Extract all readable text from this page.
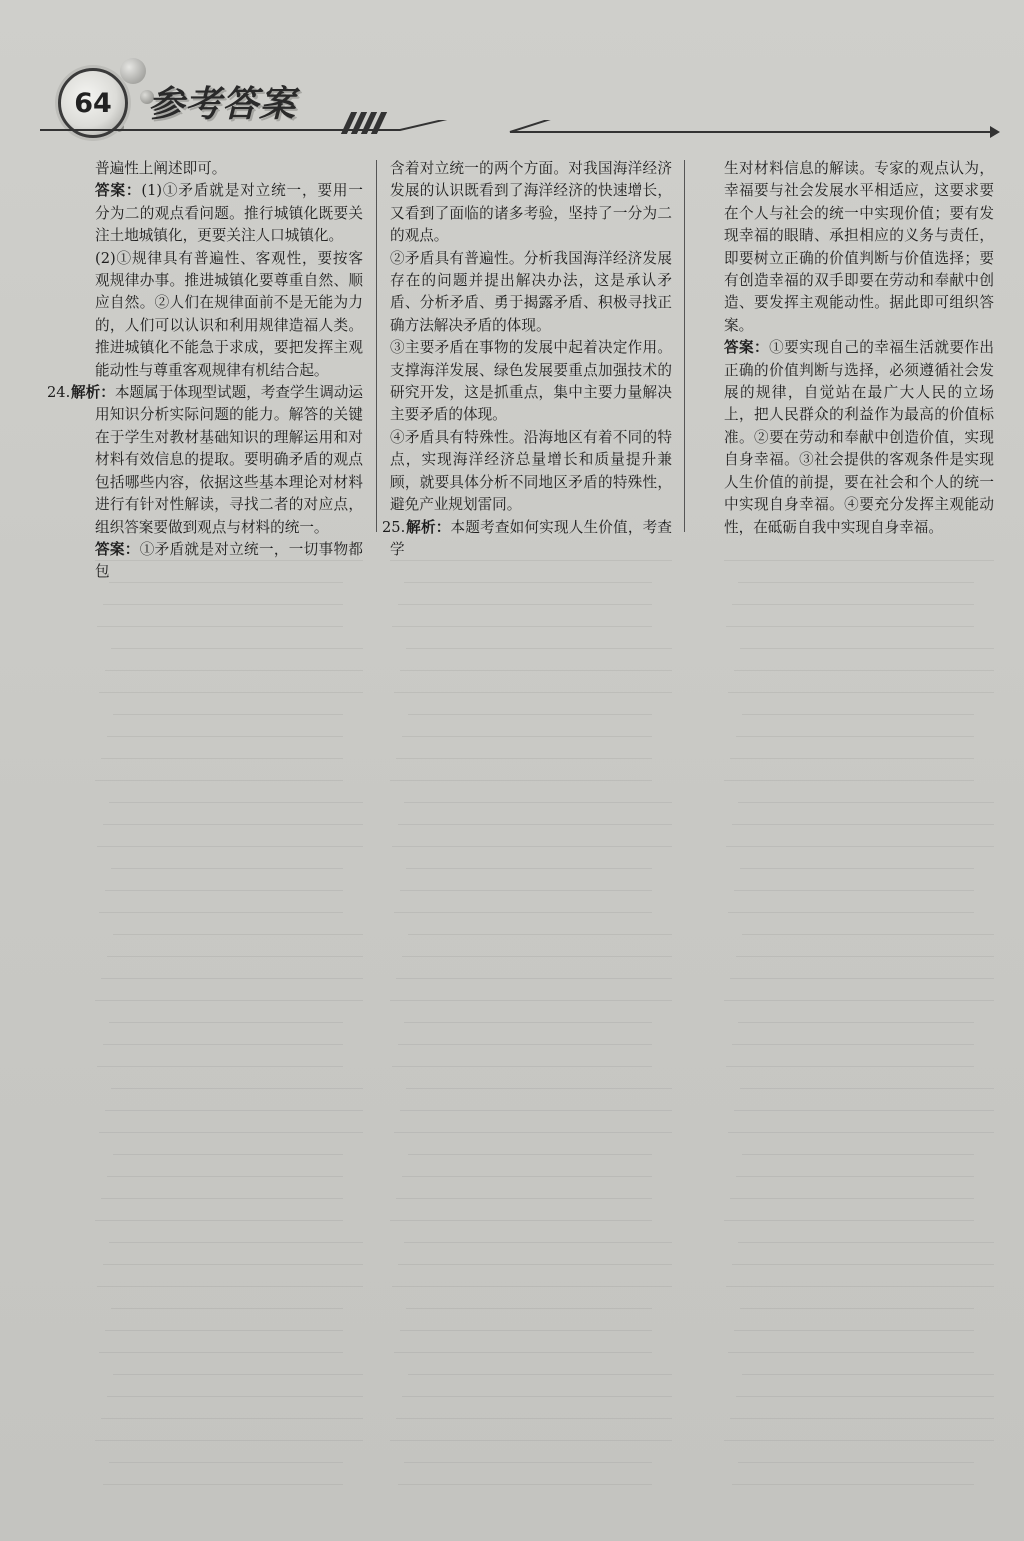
64 参考答案

普遍性上阐述即可。

答案：(1)①矛盾就是对立统一，要用一分为二的观点看问题。推行城镇化既要关注土地城镇化，更要关注人口城镇化。

(2)①规律具有普遍性、客观性，要按客观规律办事。推进城镇化要尊重自然、顺应自然。②人们在规律面前不是无能为力的，人们可以认识和利用规律造福人类。推进城镇化不能急于求成，要把发挥主观能动性与尊重客观规律有机结合起。

24.解析：本题属于体现型试题，考查学生调动运用知识分析实际问题的能力。解答的关键在于学生对教材基础知识的理解运用和对材料有效信息的提取。要明确矛盾的观点包括哪些内容，依据这些基本理论对材料进行有针对性解读，寻找二者的对应点，组织答案要做到观点与材料的统一。

答案：①矛盾就是对立统一，一切事物都包

含着对立统一的两个方面。对我国海洋经济发展的认识既看到了海洋经济的快速增长，又看到了面临的诸多考验，坚持了一分为二的观点。

②矛盾具有普遍性。分析我国海洋经济发展存在的问题并提出解决办法，这是承认矛盾、分析矛盾、勇于揭露矛盾、积极寻找正确方法解决矛盾的体现。

③主要矛盾在事物的发展中起着决定作用。支撑海洋发展、绿色发展要重点加强技术的研究开发，这是抓重点，集中主要力量解决主要矛盾的体现。

④矛盾具有特殊性。沿海地区有着不同的特点，实现海洋经济总量增长和质量提升兼顾，就要具体分析不同地区矛盾的特殊性，避免产业规划雷同。

25.解析：本题考查如何实现人生价值，考查学

生对材料信息的解读。专家的观点认为，幸福要与社会发展水平相适应，这要求要在个人与社会的统一中实现价值；要有发现幸福的眼睛、承担相应的义务与责任，即要树立正确的价值判断与价值选择；要有创造幸福的双手即要在劳动和奉献中创造、要发挥主观能动性。据此即可组织答案。

答案：①要实现自己的幸福生活就要作出正确的价值判断与选择，必须遵循社会发展的规律，自觉站在最广大人民的立场上，把人民群众的利益作为最高的价值标准。②要在劳动和奉献中创造价值，实现自身幸福。③社会提供的客观条件是实现人生价值的前提，要在社会和个人的统一中实现自身幸福。④要充分发挥主观能动性，在砥砺自我中实现自身幸福。
